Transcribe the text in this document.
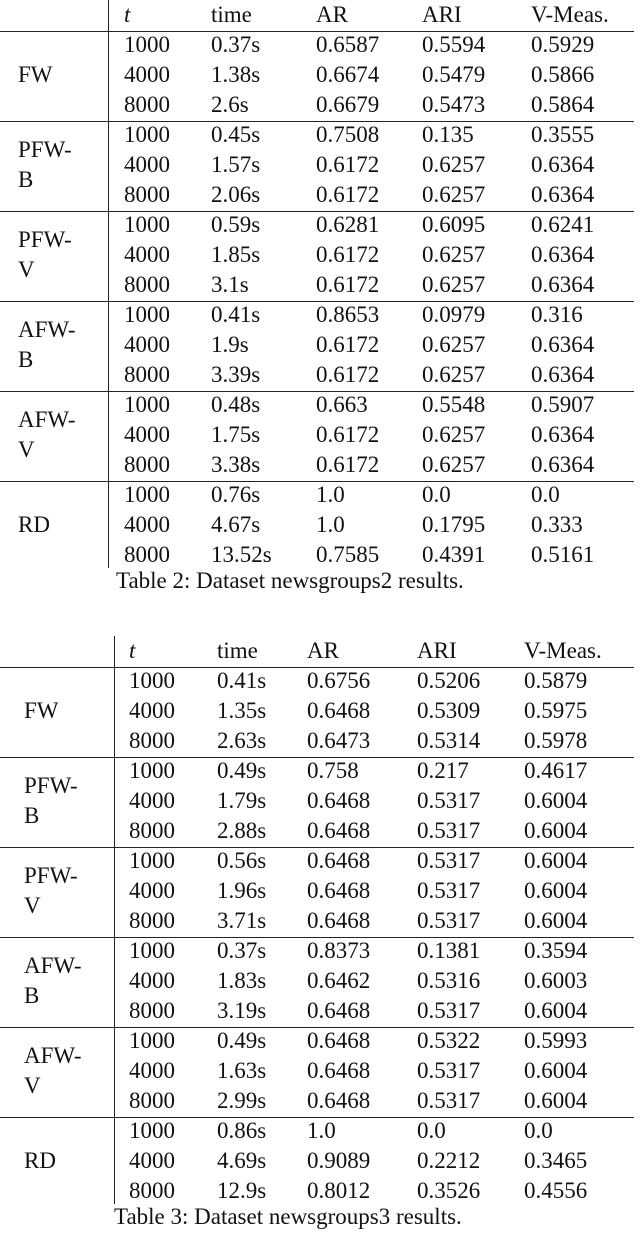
t	time	AR	ARI	V-Meas.
FW
1000 0.37s 0.6587 0.5594 0.5929
4000 1.38s 0.6674 0.5479 0.5866
8000 2.6s	0.6679 0.5473 0.5864
PFW-
B
1000 0.45s 0.7508 0.135 0.3555
4000 1.57s 0.6172 0.6257 0.6364
8000 2.06s 0.6172 0.6257 0.6364
PFW-
V
1000 0.59s 0.6281 0.6095 0.6241
4000 1.85s 0.6172 0.6257 0.6364
8000 3.1s	0.6172 0.6257 0.6364
AFW-
B
1000 0.41s 0.8653 0.0979 0.316
4000 1.9s	0.6172 0.6257 0.6364
8000 3.39s 0.6172 0.6257 0.6364
AFW-
V
1000 0.48s 0.663 0.5548 0.5907
4000 1.75s 0.6172 0.6257 0.6364
8000 3.38s 0.6172 0.6257 0.6364
RD
1000 0.76s 1.0	0.0	0.0
4000 4.67s 1.0	0.1795 0.333
8000 13.52s 0.7585 0.4391 0.5161
Table 2: Dataset newsgroups2 results.
t	time AR	ARI	V-Meas.
FW
1000 0.41s 0.6756 0.5206 0.5879
4000 1.35s 0.6468 0.5309 0.5975
8000 2.63s 0.6473 0.5314 0.5978
PFW-
B
1000 0.49s 0.758	0.217 0.4617
4000 1.79s 0.6468 0.5317 0.6004
8000 2.88s 0.6468 0.5317 0.6004
PFW-
V
1000 0.56s 0.6468 0.5317 0.6004
4000 1.96s 0.6468 0.5317 0.6004
8000 3.71s 0.6468 0.5317 0.6004
AFW-
B
1000 0.37s 0.8373 0.1381 0.3594
4000 1.83s 0.6462 0.5316 0.6003
8000 3.19s 0.6468 0.5317 0.6004
AFW-
V
1000 0.49s 0.6468 0.5322 0.5993
4000 1.63s 0.6468 0.5317 0.6004
8000 2.99s 0.6468 0.5317 0.6004
RD
1000 0.86s 1.0	0.0	0.0
4000 4.69s 0.9089 0.2212 0.3465
8000 12.9s 0.8012 0.3526 0.4556
Table 3: Dataset newsgroups3 results.
